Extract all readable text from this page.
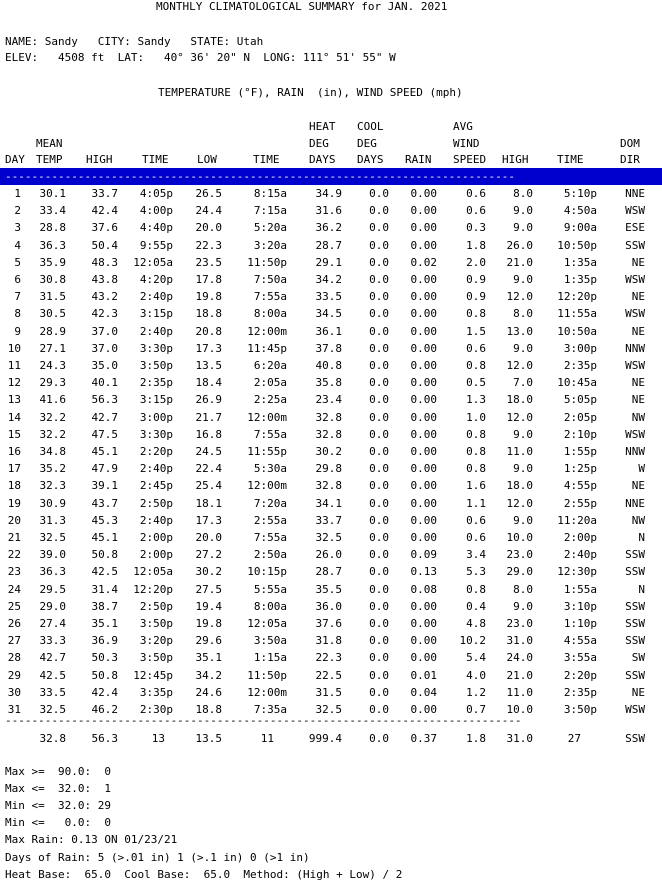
MONTHLY CLIMATOLOGICAL SUMMARY for JAN. 2021
NAME: Sandy   CITY: Sandy   STATE: Utah
ELEV:   4508 ft  LAT:   40° 36' 20" N  LONG: 111° 51' 55" W
TEMPERATURE (°F), RAIN  (in), WIND SPEED (mph)
HEAT COOL	AVG
MEAN	DEG	DEG	WIND	DOM
DAY TEMP HIGH	TIME	LOW	TIME	DAYS DAYS RAIN SPEED HIGH	TIME	DIR
-----------------------------------------------------------------------------
1 30.1 33.7 4:05p 26.5	8:15a	34.9 0.0 0.00	0.6 8.0	5:10p	NNE
2 33.4 42.4 4:00p 24.4	7:15a	31.6 0.0 0.00	0.6 9.0	4:50a	WSW
3 28.8 37.6 4:40p 20.0	5:20a	36.2 0.0 0.00	0.3 9.0	9:00a	ESE
4 36.3 50.4 9:55p 22.3	3:20a	28.7 0.0 0.00	1.8 26.0 10:50p	SSW
5 35.9 48.3 12:05a 23.5 11:50p	29.1 0.0 0.02	2.0 21.0	1:35a	NE
6 30.8 43.8 4:20p 17.8	7:50a	34.2 0.0 0.00	0.9 9.0	1:35p	WSW
7 31.5 43.2 2:40p 19.8	7:55a	33.5 0.0 0.00	0.9 12.0 12:20p	NE
8 30.5 42.3 3:15p 18.8	8:00a	34.5 0.0 0.00	0.8 8.0 11:55a	WSW
9 28.9 37.0 2:40p 20.8 12:00m	36.1 0.0 0.00	1.5 13.0 10:50a	NE
10 27.1 37.0 3:30p 17.3 11:45p	37.8 0.0 0.00	0.6 9.0	3:00p	NNW
11 24.3 35.0 3:50p 13.5	6:20a	40.8 0.0 0.00	0.8 12.0	2:35p	WSW
12 29.3 40.1 2:35p 18.4	2:05a	35.8 0.0 0.00	0.5 7.0 10:45a	NE
13 41.6 56.3 3:15p 26.9	2:25a	23.4 0.0 0.00	1.3 18.0	5:05p	NE
14 32.2 42.7 3:00p 21.7 12:00m	32.8 0.0 0.00	1.0 12.0	2:05p	NW
15 32.2 47.5 3:30p 16.8	7:55a	32.8 0.0 0.00	0.8 9.0	2:10p	WSW
16 34.8 45.1 2:20p 24.5 11:55p	30.2 0.0 0.00	0.8 11.0	1:55p	NNW
17 35.2 47.9 2:40p 22.4	5:30a	29.8 0.0 0.00	0.8 9.0	1:25p	W
18 32.3 39.1 2:45p 25.4 12:00m	32.8 0.0 0.00	1.6 18.0	4:55p	NE
19 30.9 43.7 2:50p 18.1	7:20a	34.1 0.0 0.00	1.1 12.0	2:55p	NNE
20 31.3 45.3 2:40p 17.3	2:55a	33.7 0.0 0.00	0.6 9.0 11:20a	NW
21 32.5 45.1 2:00p 20.0	7:55a	32.5 0.0 0.00	0.6 10.0	2:00p	N
22 39.0 50.8 2:00p 27.2	2:50a	26.0 0.0 0.09	3.4 23.0	2:40p	SSW
23 36.3 42.5 12:05a 30.2 10:15p	28.7 0.0 0.13	5.3 29.0 12:30p	SSW
24 29.5 31.4 12:20p 27.5	5:55a	35.5 0.0 0.08	0.8 8.0	1:55a	N
25 29.0 38.7 2:50p 19.4	8:00a	36.0 0.0 0.00	0.4 9.0	3:10p	SSW
26 27.4 35.1 3:50p 19.8 12:05a	37.6 0.0 0.00	4.8 23.0	1:10p	SSW
27 33.3 36.9 3:20p 29.6	3:50a	31.8 0.0 0.00 10.2 31.0	4:55a	SSW
28 42.7 50.3 3:50p 35.1	1:15a	22.3 0.0 0.00	5.4 24.0	3:55a	SW
29 42.5 50.8 12:45p 34.2 11:50p	22.5 0.0 0.01	4.0 21.0	2:20p	SSW
30 33.5 42.4 3:35p 24.6 12:00m	31.5 0.0 0.04	1.2 11.0	2:35p	NE
31 32.5 46.2 2:30p 18.8	7:35a	32.5 0.0 0.00	0.7 10.0	3:50p	WSW
------------------------------------------------------------------------------
32.8 56.3	13	13.5	11	999.4 0.0 0.37	1.8 31.0	27	SSW
Max >=  90.0:  0
Max <=  32.0:  1
Min <=  32.0: 29
Min <=   0.0:  0
Max Rain: 0.13 ON 01/23/21
Days of Rain: 5 (>.01 in) 1 (>.1 in) 0 (>1 in)
Heat Base:  65.0  Cool Base:  65.0  Method: (High + Low) / 2
